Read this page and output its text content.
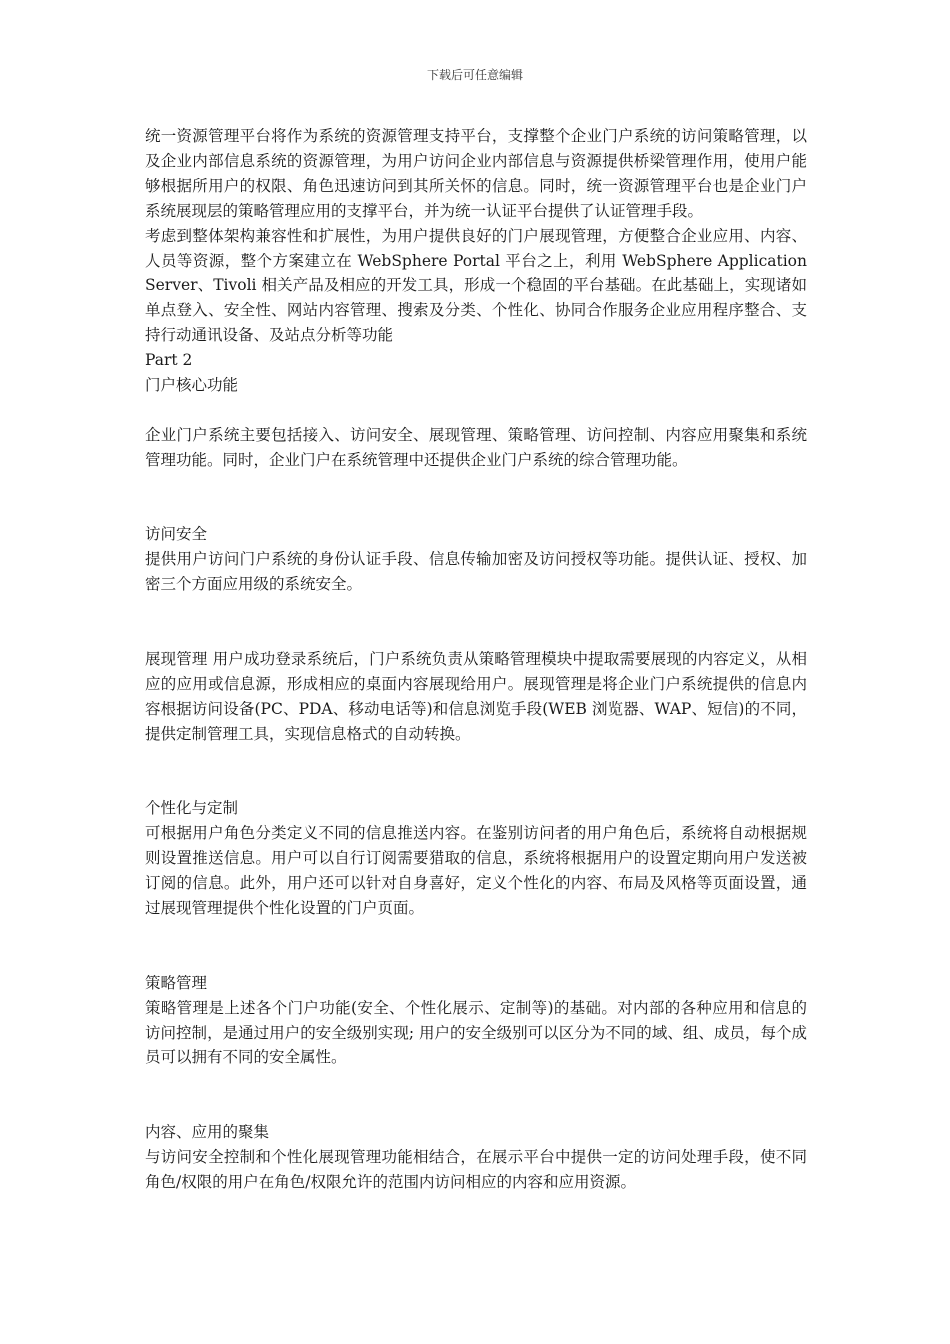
下载后可任意编辑

统一资源管理平台将作为系统的资源管理支持平台，支撑整个企业门户系统的访问策略管理，以及企业内部信息系统的资源管理，为用户访问企业内部信息与资源提供桥梁管理作用，使用户能够根据所用户的权限、角色迅速访问到其所关怀的信息。同时，统一资源管理平台也是企业门户系统展现层的策略管理应用的支撑平台，并为统一认证平台提供了认证管理手段。

考虑到整体架构兼容性和扩展性，为用户提供良好的门户展现管理，方便整合企业应用、内容、人员等资源，整个方案建立在 WebSphere Portal 平台之上，利用 WebSphere Application Server、Tivoli 相关产品及相应的开发工具，形成一个稳固的平台基础。在此基础上，实现诸如单点登入、安全性、网站内容管理、搜索及分类、个性化、协同合作服务企业应用程序整合、支持行动通讯设备、及站点分析等功能

Part 2

门户核心功能

企业门户系统主要包括接入、访问安全、展现管理、策略管理、访问控制、内容应用聚集和系统管理功能。同时，企业门户在系统管理中还提供企业门户系统的综合管理功能。

访问安全

提供用户访问门户系统的身份认证手段、信息传输加密及访问授权等功能。提供认证、授权、加密三个方面应用级的系统安全。

展现管理 用户成功登录系统后，门户系统负责从策略管理模块中提取需要展现的内容定义，从相应的应用或信息源，形成相应的桌面内容展现给用户。展现管理是将企业门户系统提供的信息内容根据访问设备(PC、PDA、移动电话等)和信息浏览手段(WEB 浏览器、WAP、短信)的不同，提供定制管理工具，实现信息格式的自动转换。

个性化与定制

可根据用户角色分类定义不同的信息推送内容。在鉴别访问者的用户角色后，系统将自动根据规则设置推送信息。用户可以自行订阅需要猎取的信息，系统将根据用户的设置定期向用户发送被订阅的信息。此外，用户还可以针对自身喜好，定义个性化的内容、布局及风格等页面设置，通过展现管理提供个性化设置的门户页面。

策略管理

策略管理是上述各个门户功能(安全、个性化展示、定制等)的基础。对内部的各种应用和信息的访问控制，是通过用户的安全级别实现; 用户的安全级别可以区分为不同的域、组、成员，每个成员可以拥有不同的安全属性。

内容、应用的聚集

与访问安全控制和个性化展现管理功能相结合，在展示平台中提供一定的访问处理手段，使不同角色/权限的用户在角色/权限允许的范围内访问相应的内容和应用资源。
